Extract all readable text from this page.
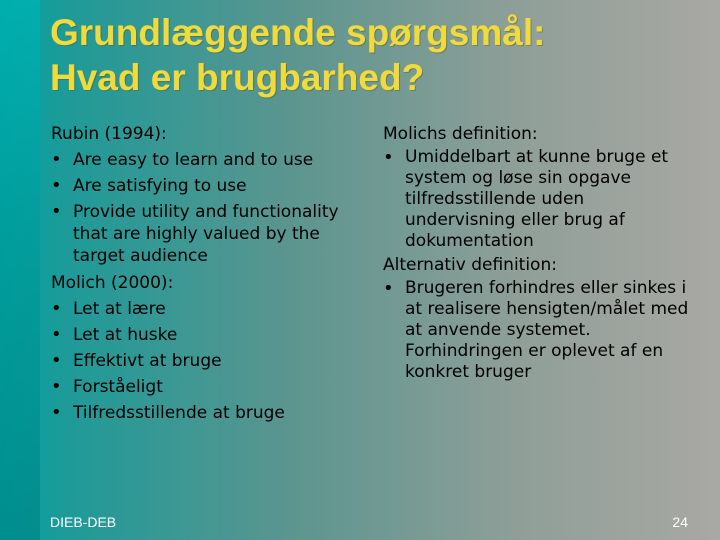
Grundlæggende spørgsmål:
Hvad er brugbarhed?
Rubin (1994):
• Are easy to learn and to use
• Are satisfying to use
• Provide utility and functionality that are highly valued by the target audience
Molich (2000):
• Let at lære
• Let at huske
• Effektivt at bruge
• Forståeligt
• Tilfredsstillende at bruge
Molichs definition:
• Umiddelbart at kunne bruge et system og løse sin opgave tilfredsstillende uden undervisning eller brug af dokumentation
Alternativ definition:
• Brugeren forhindres eller sinkes i at realisere hensigten/målet med at anvende systemet. Forhindringen er oplevet af en konkret bruger
DIEB-DEB	24
